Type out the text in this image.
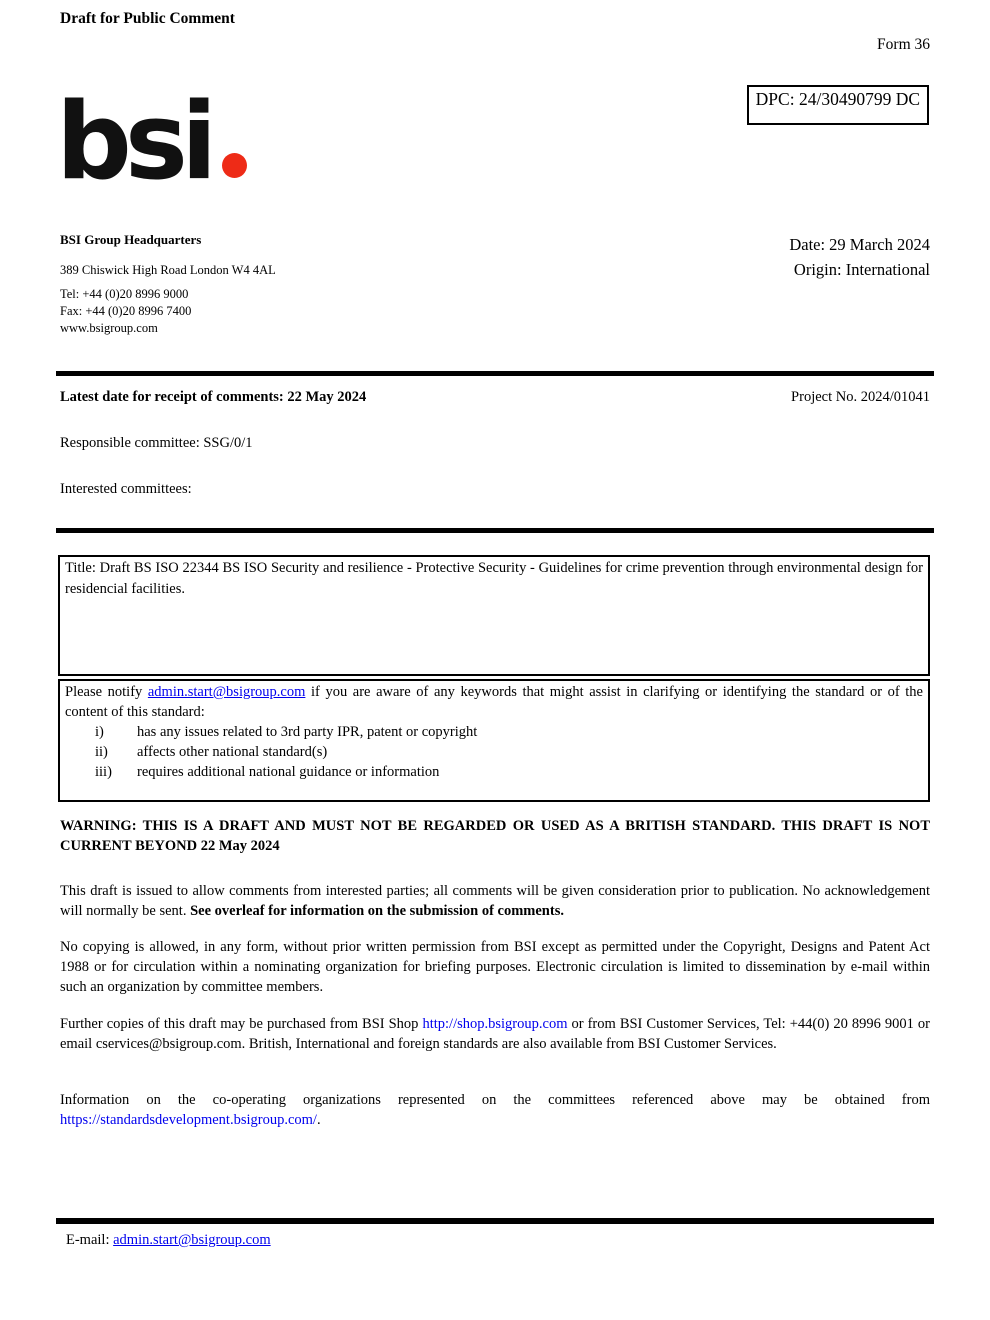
Draft for Public Comment
Form 36
DPC: 24/30490799 DC
bsi
BSI Group Headquarters
389 Chiswick High Road London W4 4AL
Tel: +44 (0)20 8996 9000
Fax: +44 (0)20 8996 7400
www.bsigroup.com
Date: 29 March 2024
Origin: International
Latest date for receipt of comments: 22 May 2024	Project No. 2024/01041
Responsible committee: SSG/0/1
Interested committees:

Title: Draft BS ISO 22344 BS ISO Security and resilience - Protective Security - Guidelines for crime prevention through environmental design for residencial facilities.

Please notify admin.start@bsigroup.com if you are aware of any keywords that might assist in clarifying or identifying the standard or of the content of this standard:

i)	has any issues related to 3rd party IPR, patent or copyright
ii)	affects other national standard(s)
iii)	requires additional national guidance or information

WARNING: THIS IS A DRAFT AND MUST NOT BE REGARDED OR USED AS A BRITISH STANDARD. THIS DRAFT IS NOT CURRENT BEYOND 22 May 2024

This draft is issued to allow comments from interested parties; all comments will be given consideration prior to publication. No acknowledgement will normally be sent. See overleaf for information on the submission of comments.

No copying is allowed, in any form, without prior written permission from BSI except as permitted under the Copyright, Designs and Patent Act 1988 or for circulation within a nominating organization for briefing purposes. Electronic circulation is limited to dissemination by e-mail within such an organization by committee members.

Further copies of this draft may be purchased from BSI Shop http://shop.bsigroup.com or from BSI Customer Services, Tel: +44(0) 20 8996 9001 or email cservices@bsigroup.com. British, International and foreign standards are also available from BSI Customer Services.

Information on the co-operating organizations represented on the committees referenced above may be obtained from https://standardsdevelopment.bsigroup.com/.

E-mail: admin.start@bsigroup.com
